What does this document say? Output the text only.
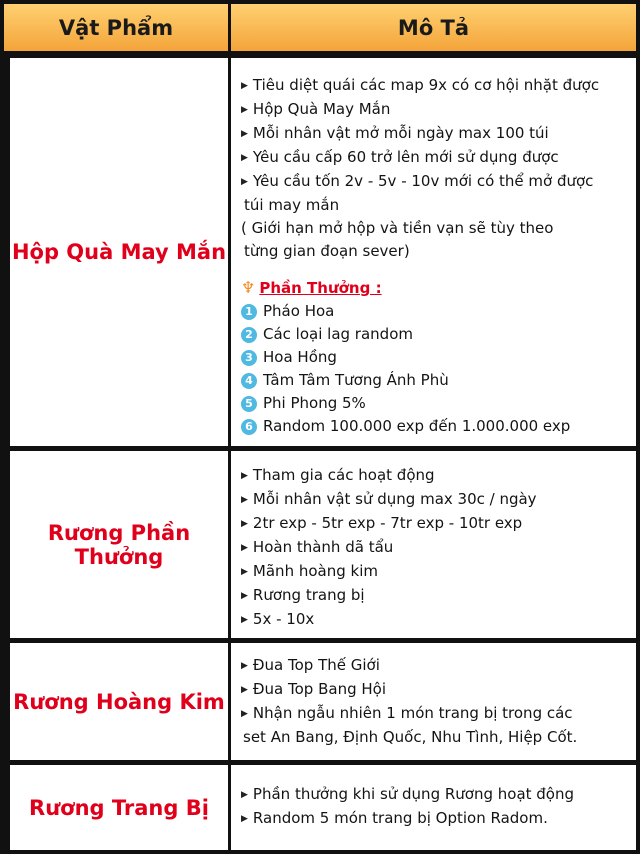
Vật Phẩm	Mô Tả
Hộp Quà May Mắn
▶ Tiêu diệt quái các map 9x có cơ hội nhặt được
▶ Hộp Quà May Mắn
▶ Mỗi nhân vật mở mỗi ngày max 100 túi
▶ Yêu cầu cấp 60 trở lên mới sử dụng được
▶ Yêu cầu tốn 2v - 5v - 10v mới có thể mở được
túi may mắn
( Giới hạn mở hộp và tiền vạn sẽ tùy theo
từng gian đoạn sever)
♆ Phần Thưởng :
1 Pháo Hoa
2 Các loại lag random
3 Hoa Hồng
4 Tâm Tâm Tương Ánh Phù
5 Phi Phong 5%
6 Random 100.000 exp đến 1.000.000 exp
Rương Phần Thưởng
▶ Tham gia các hoạt động
▶ Mỗi nhân vật sử dụng max 30c / ngày
▶ 2tr exp - 5tr exp - 7tr exp - 10tr exp
▶ Hoàn thành dã tẩu
▶ Mãnh hoàng kim
▶ Rương trang bị
▶ 5x - 10x
Rương Hoàng Kim
▶ Đua Top Thế Giới
▶ Đua Top Bang Hội
▶ Nhận ngẫu nhiên 1 món trang bị trong các
set An Bang, Định Quốc, Nhu Tình, Hiệp Cốt.
Rương Trang Bị
▶ Phần thưởng khi sử dụng Rương hoạt động
▶ Random 5 món trang bị Option Radom.
